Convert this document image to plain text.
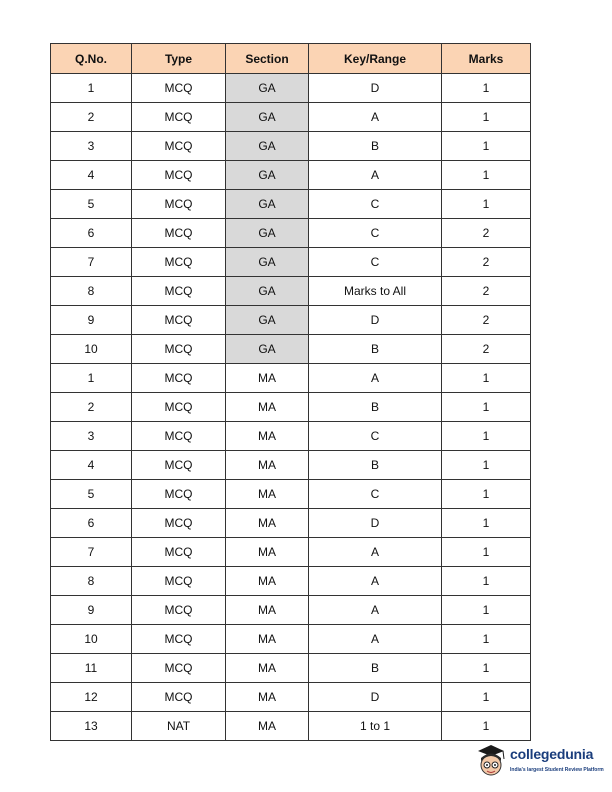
Q.No.	Type	Section	Key/Range	Marks
1	MCQ	GA	D	1
2	MCQ	GA	A	1
3	MCQ	GA	B	1
4	MCQ	GA	A	1
5	MCQ	GA	C	1
6	MCQ	GA	C	2
7	MCQ	GA	C	2
8	MCQ	GA	Marks to All	2
9	MCQ	GA	D	2
10	MCQ	GA	B	2
1	MCQ	MA	A	1
2	MCQ	MA	B	1
3	MCQ	MA	C	1
4	MCQ	MA	B	1
5	MCQ	MA	C	1
6	MCQ	MA	D	1
7	MCQ	MA	A	1
8	MCQ	MA	A	1
9	MCQ	MA	A	1
10	MCQ	MA	A	1
11	MCQ	MA	B	1
12	MCQ	MA	D	1
13	NAT	MA	1 to 1	1
collegedunia
India's largest Student Review Platform
